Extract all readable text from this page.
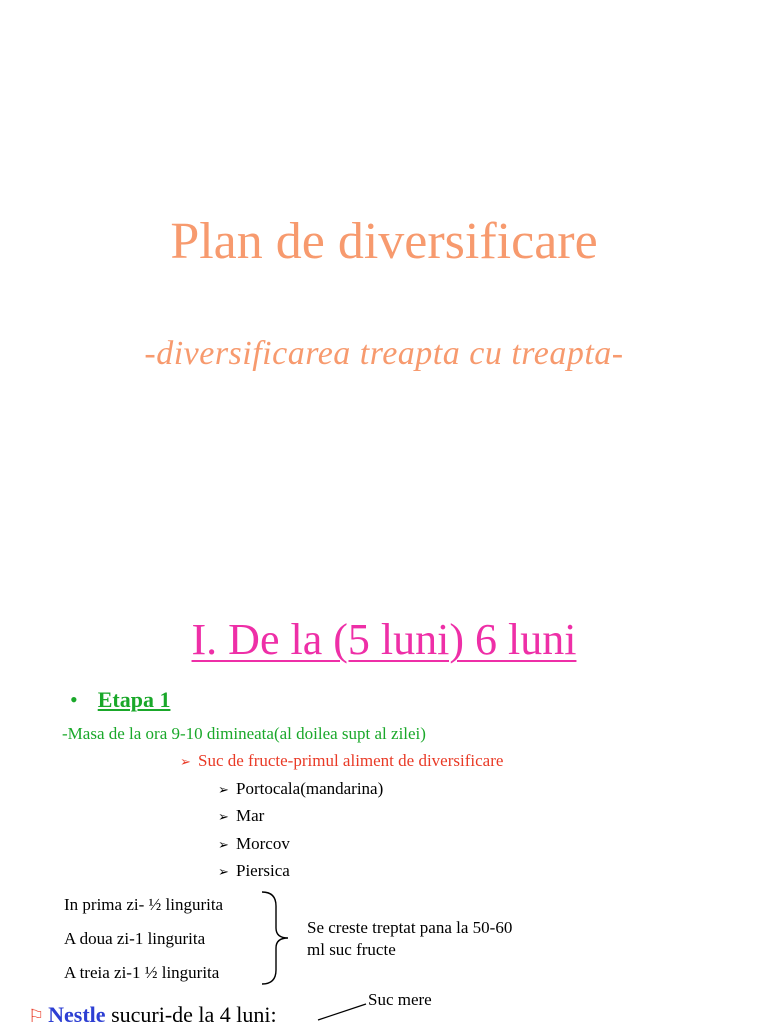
Plan de diversificare
-diversificarea treapta cu treapta-
I. De la (5 luni) 6 luni
• Etapa 1
-Masa de la ora 9-10 dimineata(al doilea supt al zilei)
➢ Suc de fructe-primul aliment de diversificare
➢ Portocala(mandarina)
➢ Mar
➢ Morcov
➢ Piersica
In prima zi- ½ lingurita
A doua zi-1 lingurita
A treia zi-1 ½ lingurita
Se creste treptat pana la 50-60 ml suc fructe
⚐ Nestle sucuri-de la 4 luni:
Suc mere
